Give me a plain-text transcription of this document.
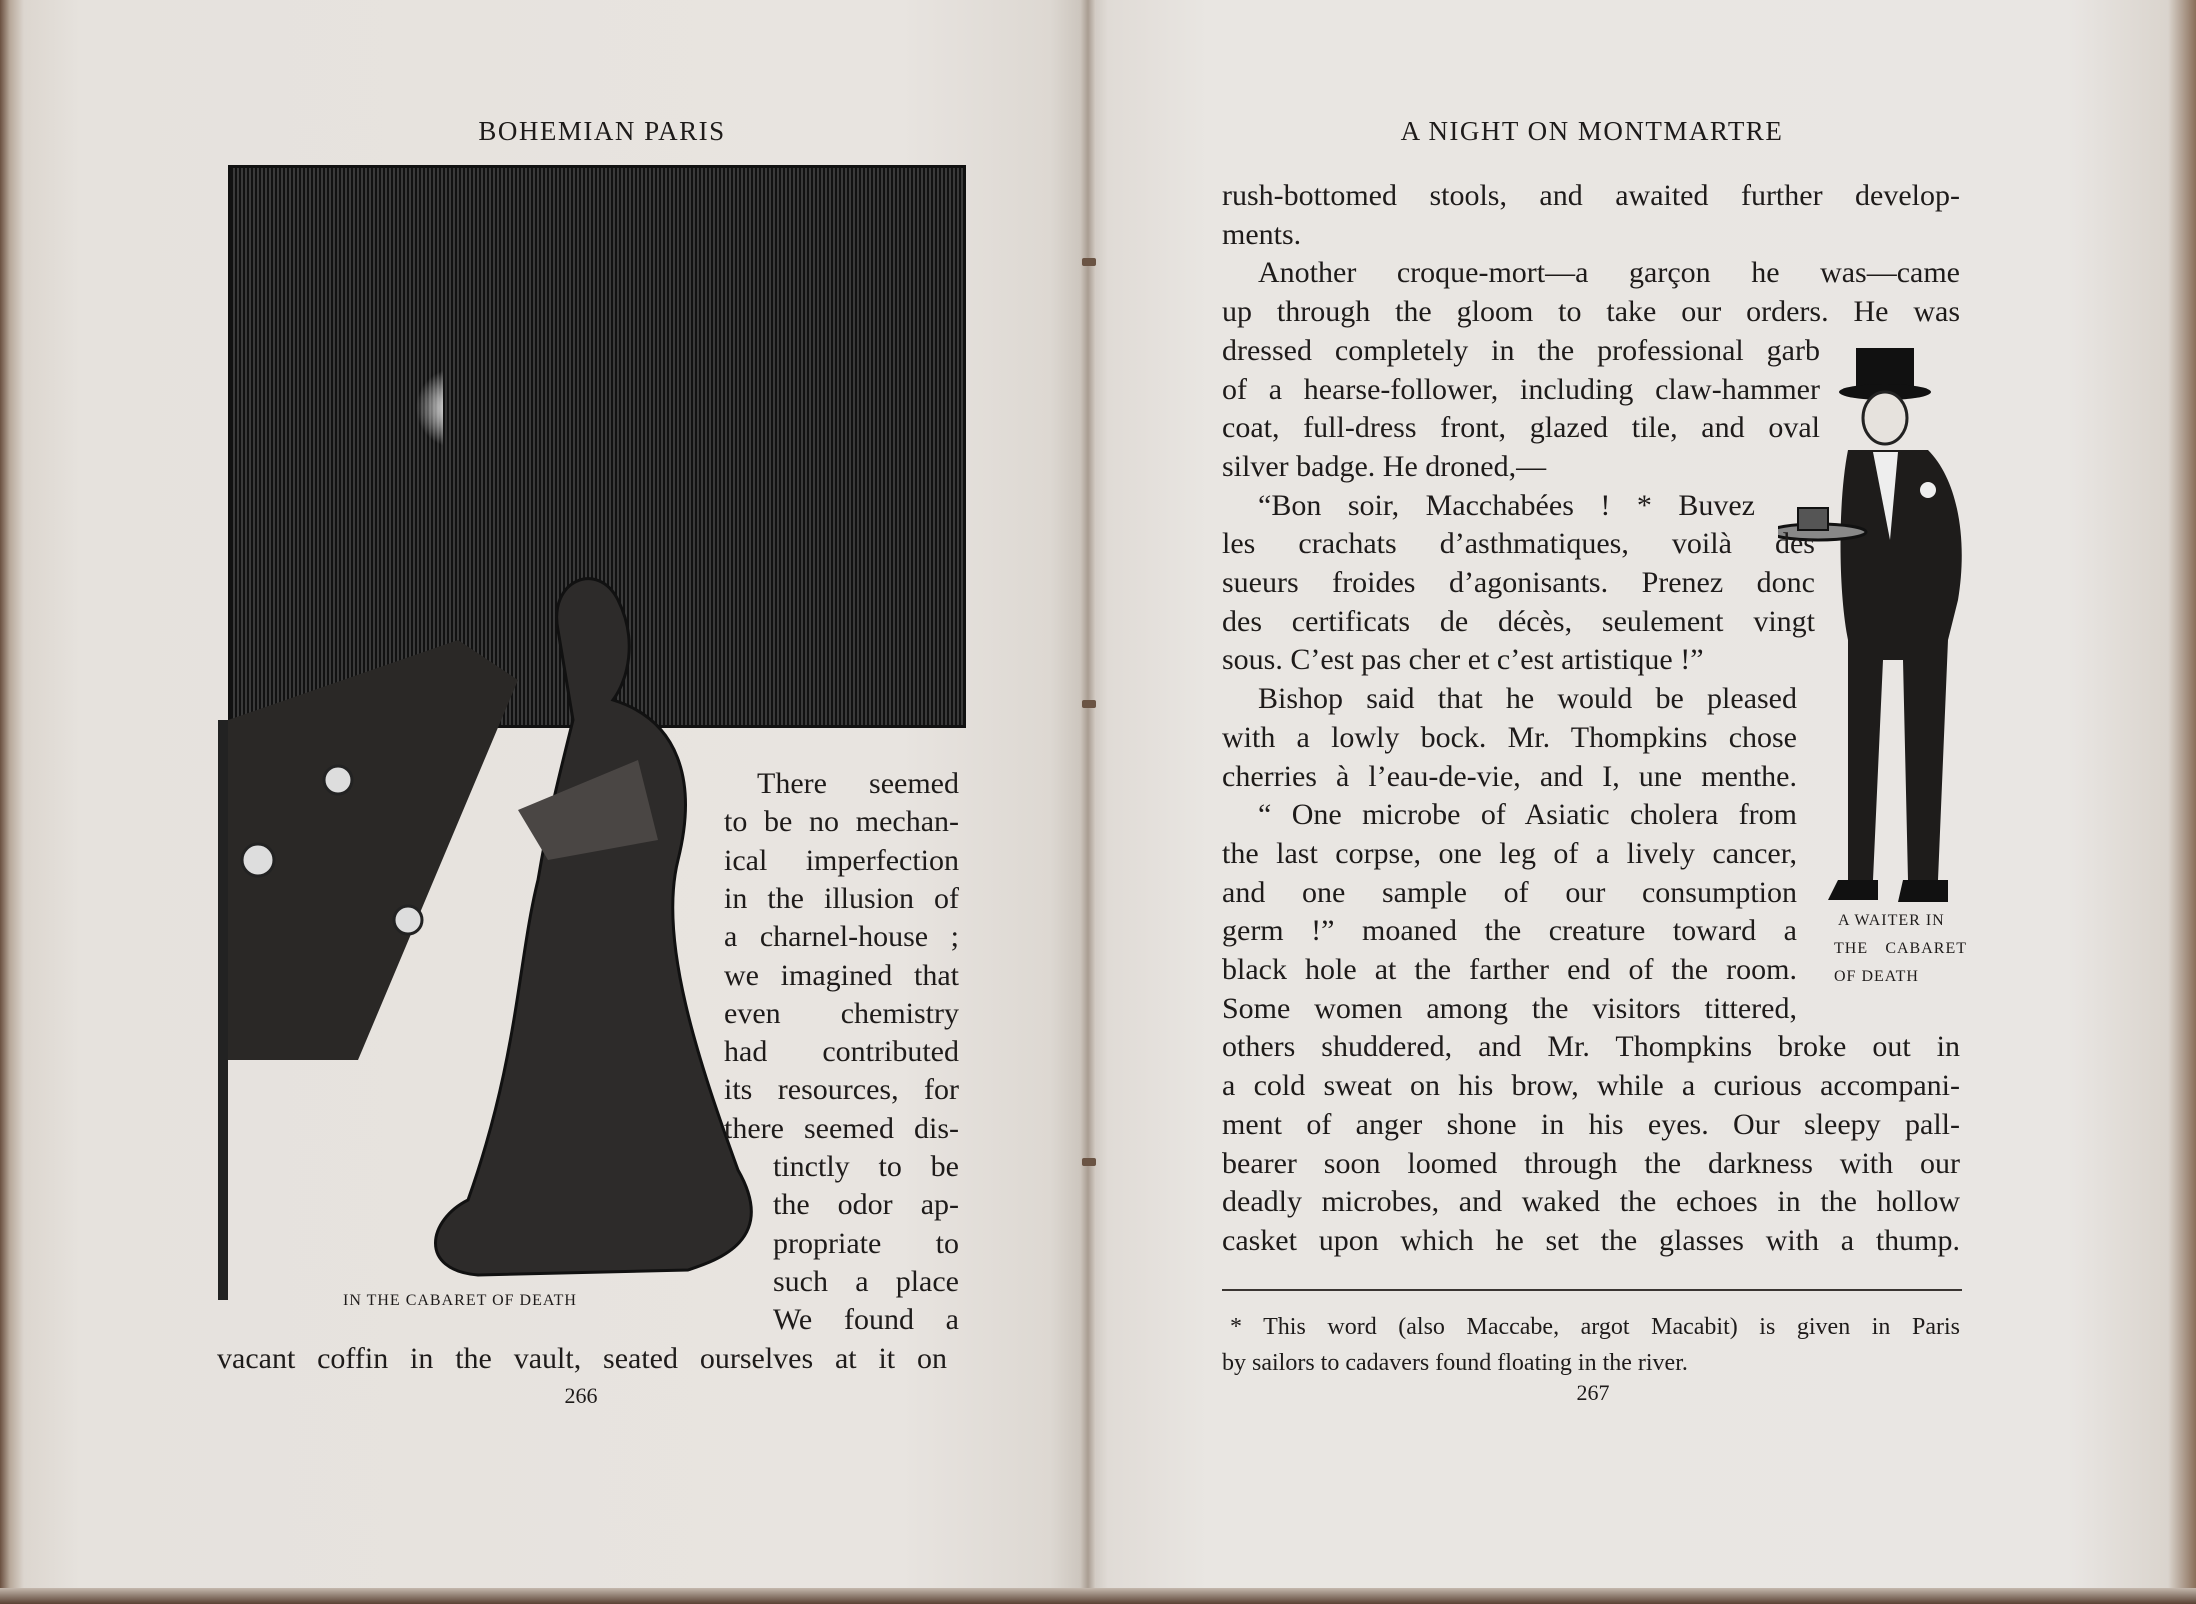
BOHEMIAN PARIS
IN THE CABARET OF DEATH
There seemed
to be no mechan-
ical imperfection
in the illusion of
a charnel-house ;
we imagined that
even chemistry
had contributed
its resources, for
there seemed dis-
tinctly to be
the odor ap-
propriate to
such a place
We found a
vacant coffin in the vault, seated ourselves at it on
266
A NIGHT ON MONTMARTRE
A WAITER IN
THE CABARET
OF DEATH
rush-bottomed stools, and awaited further develop-
ments.
Another croque-mort—a garçon he was—came
up through the gloom to take our orders. He was
dressed completely in the professional garb
of a hearse-follower, including claw-hammer
coat, full-dress front, glazed tile, and oval
silver badge. He droned,—
“Bon soir, Macchabées ! * Buvez
les crachats d’asthmatiques, voilà des
sueurs froides d’agonisants. Prenez donc
des certificats de décès, seulement vingt
sous. C’est pas cher et c’est artistique !”
Bishop said that he would be pleased
with a lowly bock. Mr. Thompkins chose
cherries à l’eau-de-vie, and I, une menthe.
“ One microbe of Asiatic cholera from
the last corpse, one leg of a lively cancer,
and one sample of our consumption
germ !” moaned the creature toward a
black hole at the farther end of the room.
Some women among the visitors tittered,
others shuddered, and Mr. Thompkins broke out in
a cold sweat on his brow, while a curious accompani-
ment of anger shone in his eyes. Our sleepy pall-
bearer soon loomed through the darkness with our
deadly microbes, and waked the echoes in the hollow
casket upon which he set the glasses with a thump.
* This word (also Maccabe, argot Macabit) is given in Paris
by sailors to cadavers found floating in the river.
267
